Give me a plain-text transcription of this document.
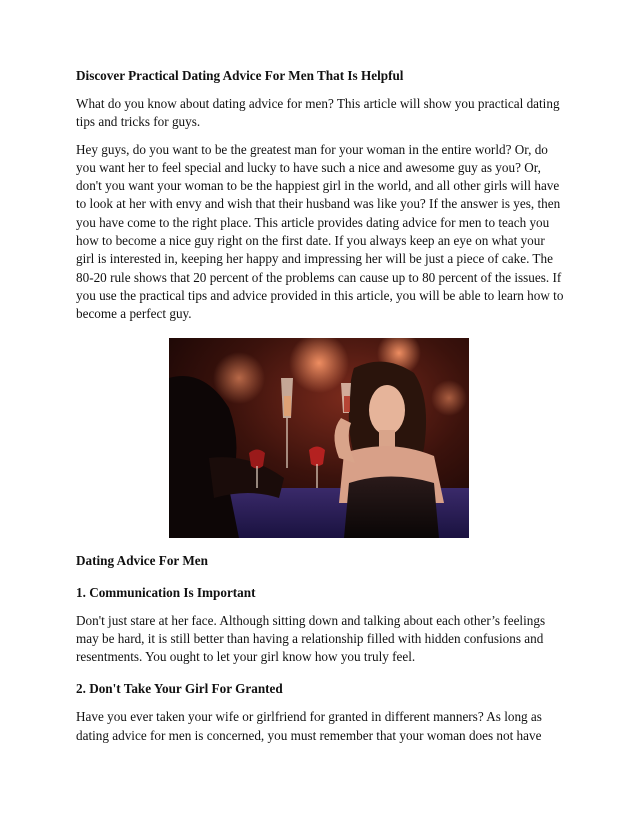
Discover Practical Dating Advice For Men That Is Helpful

What do you know about dating advice for men? This article will show you practical dating tips and tricks for guys.

Hey guys, do you want to be the greatest man for your woman in the entire world? Or, do you want her to feel special and lucky to have such a nice and awesome guy as you? Or, don't you want your woman to be the happiest girl in the world, and all other girls will have to look at her with envy and wish that their husband was like you? If the answer is yes, then you have come to the right place. This article provides dating advice for men to teach you how to become a nice guy right on the first date. If you always keep an eye on what your girl is interested in, keeping her happy and impressing her will be just a piece of cake. The 80-20 rule shows that 20 percent of the problems can cause up to 80 percent of the issues. If you use the practical tips and advice provided in this article, you will be able to learn how to become a perfect guy.

Dating Advice For Men
1. Communication Is Important

Don't just stare at her face. Although sitting down and talking about each other’s feelings may be hard, it is still better than having a relationship filled with hidden confusions and resentments. You ought to let your girl know how you truly feel.

2. Don't Take Your Girl For Granted

Have you ever taken your wife or girlfriend for granted in different manners? As long as dating advice for men is concerned, you must remember that your woman does not have
